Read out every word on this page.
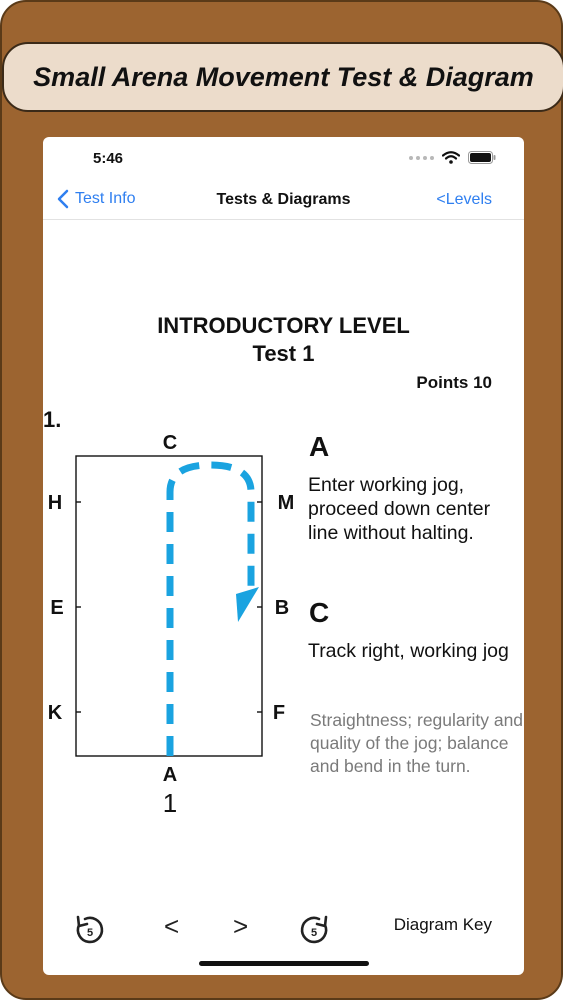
Small Arena Movement Test & Diagram
5:46
Test Info	Tests & Diagrams	<Levels
INTRODUCTORY LEVEL
Test 1
Points 10
1.
C
A
H
E
K
M
B
F
1
A
Enter working jog, proceed down center line without halting.
C
Track right, working jog
Straightness; regularity and quality of the jog; balance and bend in the turn.
5	< >	5	Diagram Key
